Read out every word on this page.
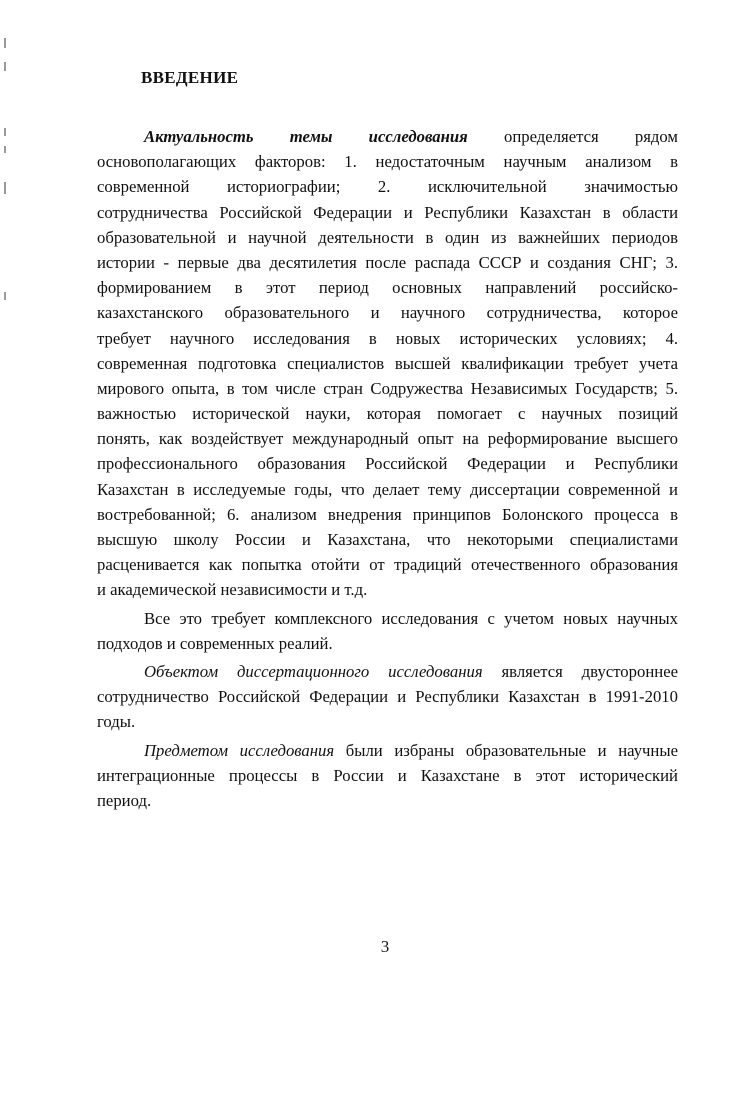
ВВЕДЕНИЕ
Актуальность темы исследования определяется рядом
основополагающих факторов: 1. недостаточным научным анализом в
современной историографии; 2. исключительной значимостью
сотрудничества Российской Федерации и Республики Казахстан в области
образовательной и научной деятельности в один из важнейших периодов
истории - первые два десятилетия после распада СССР и создания СНГ; 3.
формированием в этот период основных направлений российско-
казахстанского образовательного и научного сотрудничества, которое
требует научного исследования в новых исторических условиях; 4.
современная подготовка специалистов высшей квалификации требует учета
мирового опыта, в том числе стран Содружества Независимых Государств; 5.
важностью исторической науки, которая помогает с научных позиций
понять, как воздействует международный опыт на реформирование высшего
профессионального образования Российской Федерации и Республики
Казахстан в исследуемые годы, что делает тему диссертации современной и
востребованной; 6. анализом внедрения принципов Болонского процесса в
высшую школу России и Казахстана, что некоторыми специалистами
расценивается как попытка отойти от традиций отечественного образования
и академической независимости и т.д.
Все это требует комплексного исследования с учетом новых научных
подходов и современных реалий.
Объектом диссертационного исследования является двустороннее
сотрудничество Российской Федерации и Республики Казахстан в 1991-2010
годы.
Предметом исследования были избраны образовательные и научные
интеграционные процессы в России и Казахстане в этот исторический
период.
3
